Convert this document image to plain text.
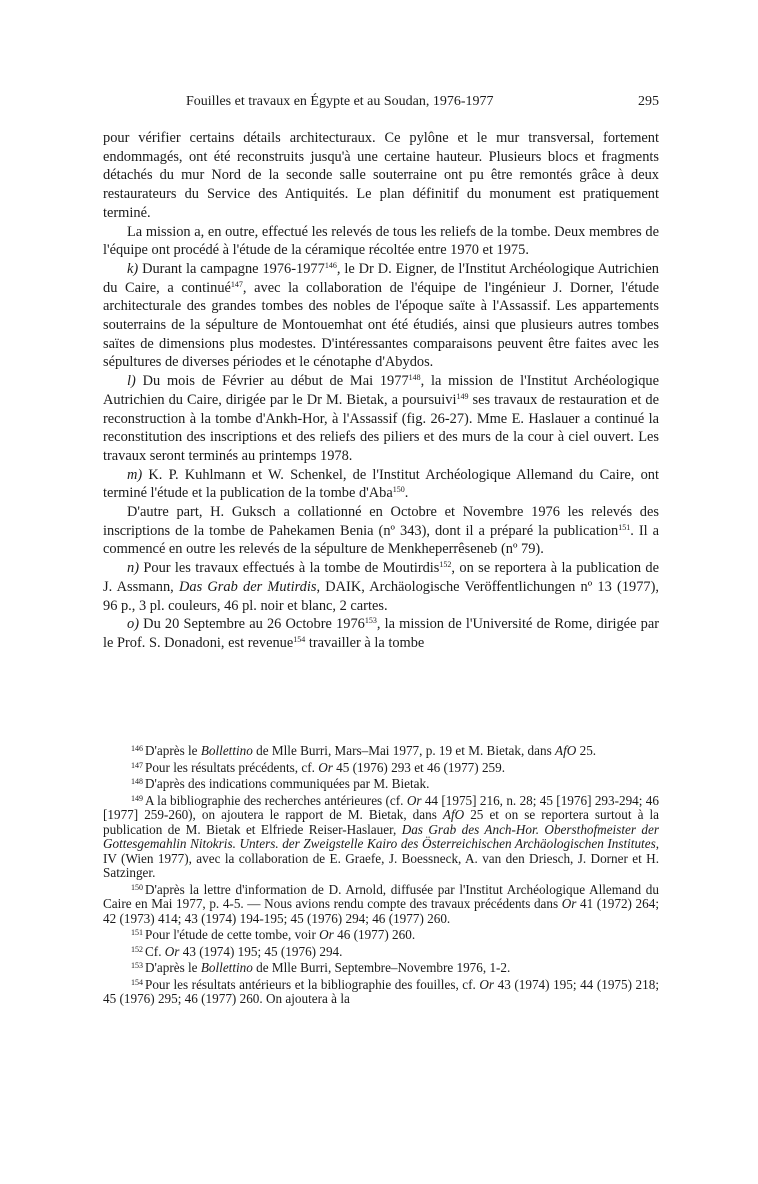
Fouilles et travaux en Égypte et au Soudan, 1976-1977	295

pour vérifier certains détails architecturaux. Ce pylône et le mur transversal, fortement endommagés, ont été reconstruits jusqu'à une certaine hauteur. Plusieurs blocs et fragments détachés du mur Nord de la seconde salle souterraine ont pu être remontés grâce à deux restaurateurs du Service des Antiquités. Le plan définitif du monument est pratiquement terminé.

La mission a, en outre, effectué les relevés de tous les reliefs de la tombe. Deux membres de l'équipe ont procédé à l'étude de la céramique récoltée entre 1970 et 1975.

k) Durant la campagne 1976-1977$^{146}$, le Dr D. Eigner, de l'Institut Archéologique Autrichien du Caire, a continué$^{147}$, avec la collaboration de l'équipe de l'ingénieur J. Dorner, l'étude architecturale des grandes tombes des nobles de l'époque saïte à l'Assassif. Les appartements souterrains de la sépulture de Montouemhat ont été étudiés, ainsi que plusieurs autres tombes saïtes de dimensions plus modestes. D'intéressantes comparaisons peuvent être faites avec les sépultures de diverses périodes et le cénotaphe d'Abydos.

l) Du mois de Février au début de Mai 1977$^{148}$, la mission de l'Institut Archéologique Autrichien du Caire, dirigée par le Dr M. Bietak, a poursuivi$^{149}$ ses travaux de restauration et de reconstruction à la tombe d'Ankh-Hor, à l'Assassif (fig. 26-27). Mme E. Haslauer a continué la reconstitution des inscriptions et des reliefs des piliers et des murs de la cour à ciel ouvert. Les travaux seront terminés au printemps 1978.

m) K. P. Kuhlmann et W. Schenkel, de l'Institut Archéologique Allemand du Caire, ont terminé l'étude et la publication de la tombe d'Aba$^{150}$.

D'autre part, H. Guksch a collationné en Octobre et Novembre 1976 les relevés des inscriptions de la tombe de Pahekamen Benia (nº 343), dont il a préparé la publication$^{151}$. Il a commencé en outre les relevés de la sépulture de Menkheperrêseneb (nº 79).

n) Pour les travaux effectués à la tombe de Moutirdis$^{152}$, on se reportera à la publication de J. Assmann, Das Grab der Mutirdis, DAIK, Archäologische Veröffentlichungen nº 13 (1977), 96 p., 3 pl. couleurs, 46 pl. noir et blanc, 2 cartes.

o) Du 20 Septembre au 26 Octobre 1976$^{153}$, la mission de l'Université de Rome, dirigée par le Prof. S. Donadoni, est revenue$^{154}$ travailler à la tombe

$^{146}$ D'après le Bollettino de Mlle Burri, Mars–Mai 1977, p. 19 et M. Bietak, dans AfO 25.

$^{147}$ Pour les résultats précédents, cf. Or 45 (1976) 293 et 46 (1977) 259.

$^{148}$ D'après des indications communiquées par M. Bietak.

$^{149}$ A la bibliographie des recherches antérieures (cf. Or 44 [1975] 216, n. 28; 45 [1976] 293-294; 46 [1977] 259-260), on ajoutera le rapport de M. Bietak, dans AfO 25 et on se reportera surtout à la publication de M. Bietak et Elfriede Reiser-Haslauer, Das Grab des Anch-Hor. Obersthofmeister der Gottesgemahlin Nitokris. Unters. der Zweigstelle Kairo des Österreichischen Archäologischen Institutes, IV (Wien 1977), avec la collaboration de E. Graefe, J. Boessneck, A. van den Driesch, J. Dorner et H. Satzinger.

$^{150}$ D'après la lettre d'information de D. Arnold, diffusée par l'Institut Archéologique Allemand du Caire en Mai 1977, p. 4-5. — Nous avions rendu compte des travaux précédents dans Or 41 (1972) 264; 42 (1973) 414; 43 (1974) 194-195; 45 (1976) 294; 46 (1977) 260.

$^{151}$ Pour l'étude de cette tombe, voir Or 46 (1977) 260.

$^{152}$ Cf. Or 43 (1974) 195; 45 (1976) 294.

$^{153}$ D'après le Bollettino de Mlle Burri, Septembre–Novembre 1976, 1-2.

$^{154}$ Pour les résultats antérieurs et la bibliographie des fouilles, cf. Or 43 (1974) 195; 44 (1975) 218; 45 (1976) 295; 46 (1977) 260. On ajoutera à la
